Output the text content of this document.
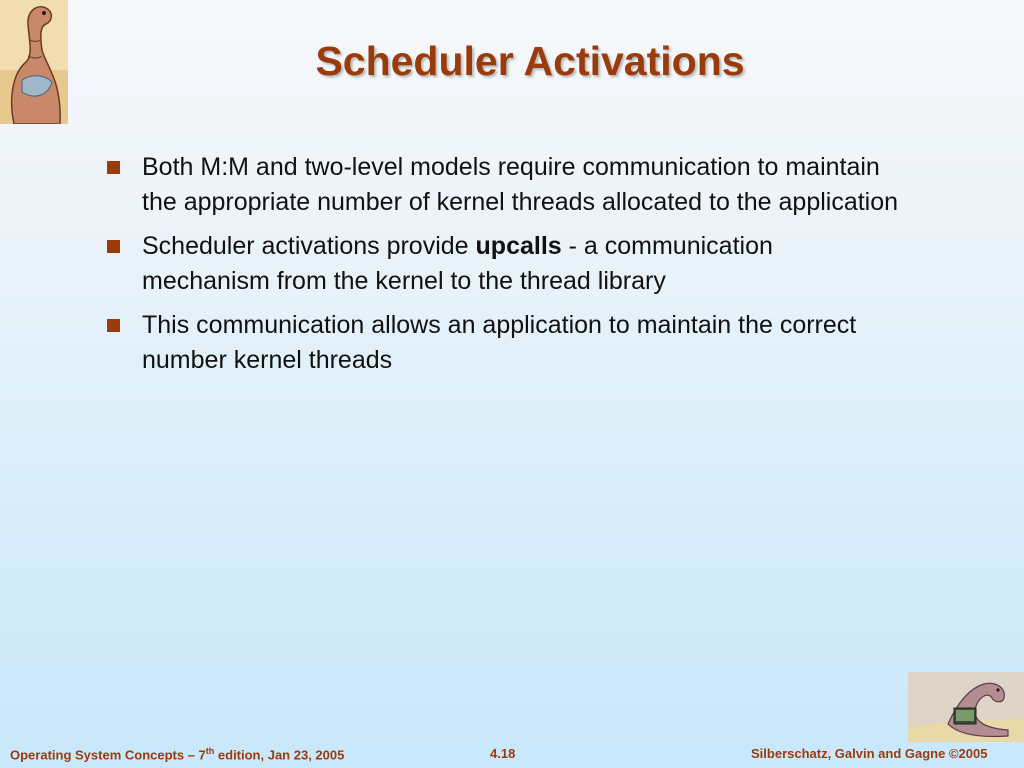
Scheduler Activations
Both M:M and two-level models require communication to maintain the appropriate number of kernel threads allocated to the application
Scheduler activations provide upcalls - a communication mechanism from the kernel to the thread library
This communication allows an application to maintain the correct number kernel threads
Operating System Concepts – 7th edition, Jan 23, 2005	4.18	Silberschatz, Galvin and Gagne ©2005
